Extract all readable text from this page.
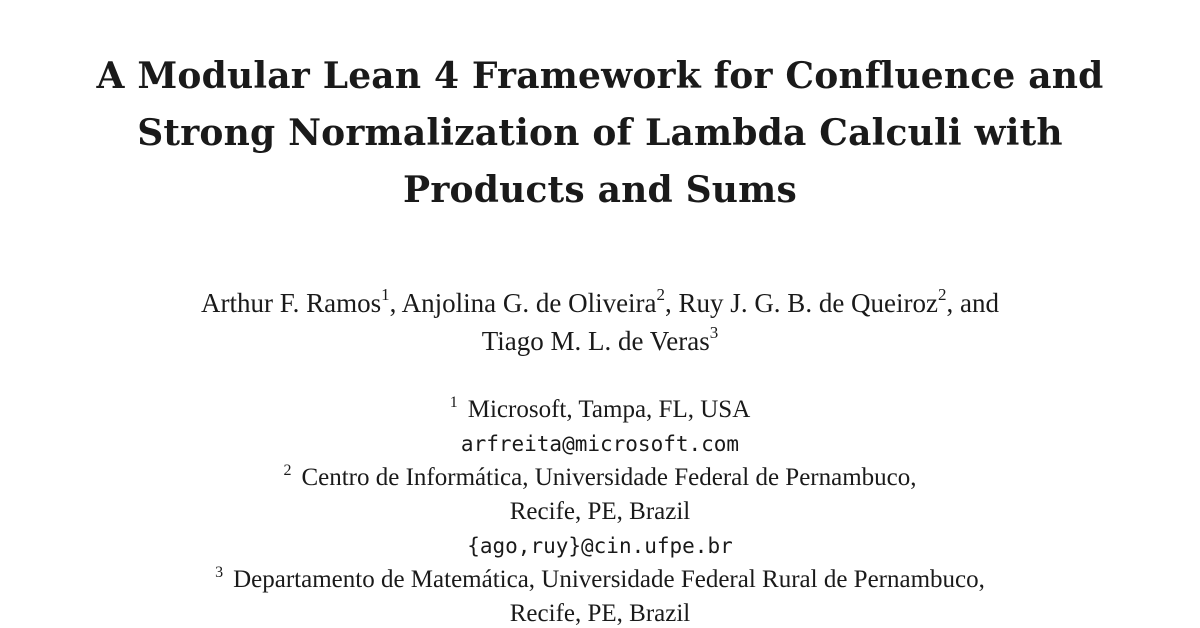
A Modular Lean 4 Framework for Confluence and
Strong Normalization of Lambda Calculi with
Products and Sums
Arthur F. Ramos$^1$, Anjolina G. de Oliveira$^2$, Ruy J. G. B. de Queiroz$^2$, and
Tiago M. L. de Veras$^3$
$^1$ Microsoft, Tampa, FL, USA
arfreita@microsoft.com
$^2$ Centro de Informática, Universidade Federal de Pernambuco,
Recife, PE, Brazil
{ago,ruy}@cin.ufpe.br
$^3$ Departamento de Matemática, Universidade Federal Rural de Pernambuco,
Recife, PE, Brazil
